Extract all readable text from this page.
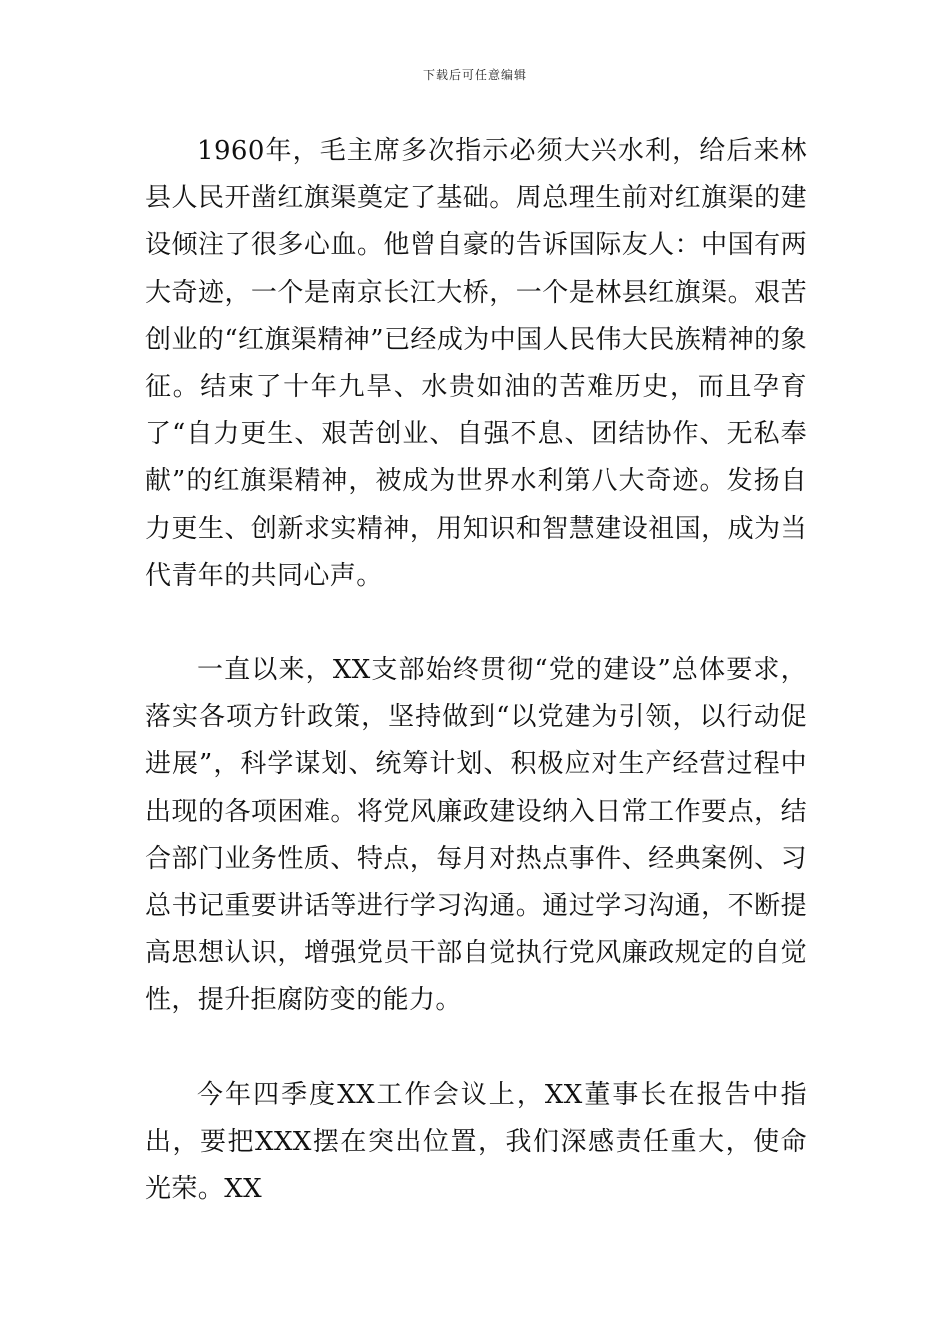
下载后可任意编辑

1960年，毛主席多次指示必须大兴水利，给后来林县人民开凿红旗渠奠定了基础。周总理生前对红旗渠的建设倾注了很多心血。他曾自豪的告诉国际友人：中国有两大奇迹，一个是南京长江大桥，一个是林县红旗渠。艰苦创业的“红旗渠精神”已经成为中国人民伟大民族精神的象征。结束了十年九旱、水贵如油的苦难历史，而且孕育了“自力更生、艰苦创业、自强不息、团结协作、无私奉献”的红旗渠精神，被成为世界水利第八大奇迹。发扬自力更生、创新求实精神，用知识和智慧建设祖国，成为当代青年的共同心声。

一直以来，XX支部始终贯彻“党的建设”总体要求，落实各项方针政策，坚持做到“以党建为引领，以行动促进展”，科学谋划、统筹计划、积极应对生产经营过程中出现的各项困难。将党风廉政建设纳入日常工作要点，结合部门业务性质、特点，每月对热点事件、经典案例、习总书记重要讲话等进行学习沟通。通过学习沟通，不断提高思想认识，增强党员干部自觉执行党风廉政规定的自觉性，提升拒腐防变的能力。

今年四季度XX工作会议上，XX董事长在报告中指出，要把XXX摆在突出位置，我们深感责任重大，使命光荣。XX
